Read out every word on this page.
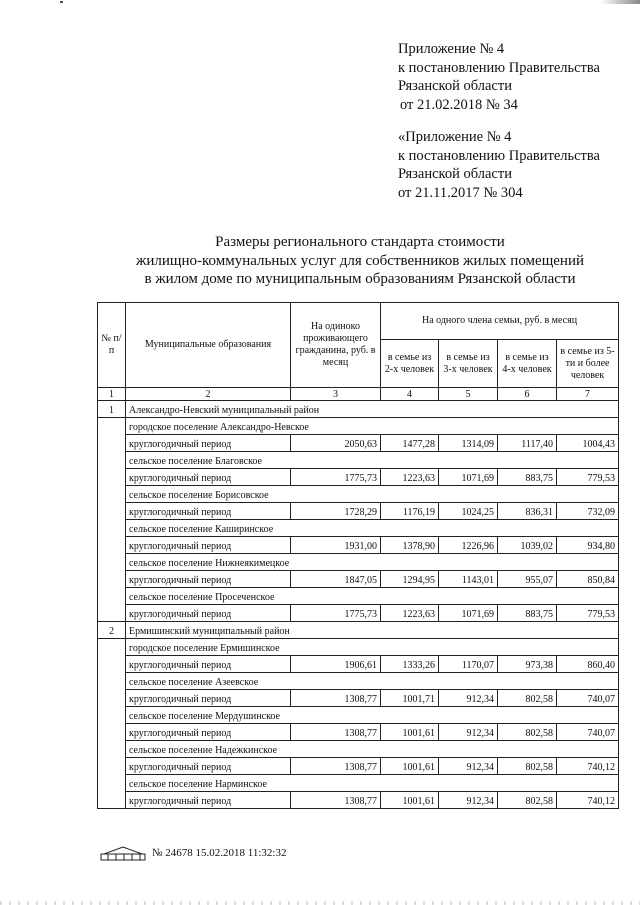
Приложение № 4
к постановлению Правительства
Рязанской области
от 21.02.2018 № 34
«Приложение № 4
к постановлению Правительства
Рязанской области
от 21.11.2017 № 304
Размеры регионального стандарта стоимости
жилищно-коммунальных услуг для собственников жилых помещений
в жилом доме по муниципальным образованиям Рязанской области
№ п/п	Муниципальные образования	На одиноко проживающего гражданина, руб. в месяц	На одного члена семьи, руб. в месяц			
			в семье из 2-х человек	в семье из 3-х человек	в семье из 4-х человек	в семье из 5-ти и более человек
1	2	3	4	5	6	7
1	Александро-Невский муниципальный район					
	городское поселение Александро-Невское					
	круглогодичный период	2050,63	1477,28	1314,09	1117,40	1004,43
	сельское поселение Благовское					
	круглогодичный период	1775,73	1223,63	1071,69	883,75	779,53
	сельское поселение Борисовское					
	круглогодичный период	1728,29	1176,19	1024,25	836,31	732,09
	сельское поселение Каширинское					
	круглогодичный период	1931,00	1378,90	1226,96	1039,02	934,80
	сельское поселение Нижнеякимецкое					
	круглогодичный период	1847,05	1294,95	1143,01	955,07	850,84
	сельское поселение Просеченское					
	круглогодичный период	1775,73	1223,63	1071,69	883,75	779,53
2	Ермишинский муниципальный район					
	городское поселение Ермишинское					
	круглогодичный период	1906,61	1333,26	1170,07	973,38	860,40
	сельское поселение Азеевское					
	круглогодичный период	1308,77	1001,71	912,34	802,58	740,07
	сельское поселение Мердушинское					
	круглогодичный период	1308,77	1001,61	912,34	802,58	740,07
	сельское поселение Надежкинское					
	круглогодичный период	1308,77	1001,61	912,34	802,58	740,12
	сельское поселение Нарминское					
	круглогодичный период	1308,77	1001,61	912,34	802,58	740,12
№ 24678 15.02.2018 11:32:32
